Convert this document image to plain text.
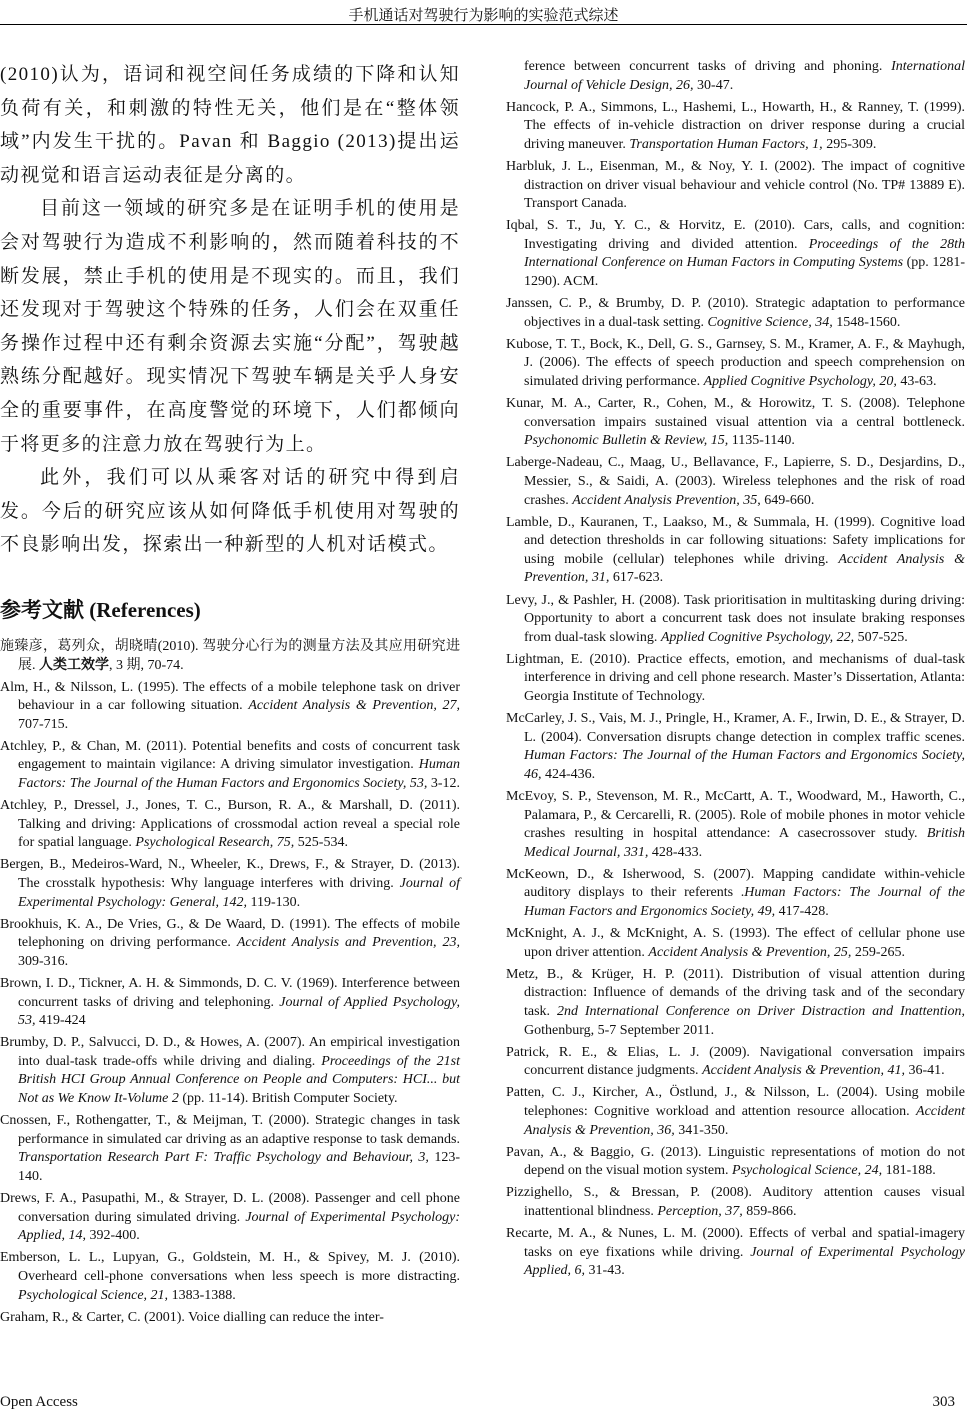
手机通话对驾驶行为影响的实验范式综述

(2010)认为，语词和视空间任务成绩的下降和认知负荷有关，和刺激的特性无关，他们是在“整体领域”内发生干扰的。Pavan 和 Baggio (2013)提出运动视觉和语言运动表征是分离的。

目前这一领域的研究多是在证明手机的使用是会对驾驶行为造成不利影响的，然而随着科技的不断发展，禁止手机的使用是不现实的。而且，我们还发现对于驾驶这个特殊的任务，人们会在双重任务操作过程中还有剩余资源去实施“分配”，驾驶越熟练分配越好。现实情况下驾驶车辆是关乎人身安全的重要事件，在高度警觉的环境下，人们都倾向于将更多的注意力放在驾驶行为上。

此外，我们可以从乘客对话的研究中得到启发。今后的研究应该从如何降低手机使用对驾驶的不良影响出发，探索出一种新型的人机对话模式。

参考文献 (References)

施臻彦，葛列众，胡晓晴(2010). 驾驶分心行为的测量方法及其应用研究进展. 人类工效学, 3 期, 70-74.

Alm, H., & Nilsson, L. (1995). The effects of a mobile telephone task on driver behaviour in a car following situation. Accident Analysis & Prevention, 27, 707-715.

Atchley, P., & Chan, M. (2011). Potential benefits and costs of concurrent task engagement to maintain vigilance: A driving simulator investigation. Human Factors: The Journal of the Human Factors and Ergonomics Society, 53, 3-12.

Atchley, P., Dressel, J., Jones, T. C., Burson, R. A., & Marshall, D. (2011). Talking and driving: Applications of crossmodal action reveal a special role for spatial language. Psychological Research, 75, 525-534.

Bergen, B., Medeiros-Ward, N., Wheeler, K., Drews, F., & Strayer, D. (2013). The crosstalk hypothesis: Why language interferes with driving. Journal of Experimental Psychology: General, 142, 119-130.

Brookhuis, K. A., De Vries, G., & De Waard, D. (1991). The effects of mobile telephoning on driving performance. Accident Analysis and Prevention, 23, 309-316.

Brown, I. D., Tickner, A. H. & Simmonds, D. C. V. (1969). Interference between concurrent tasks of driving and telephoning. Journal of Applied Psychology, 53, 419-424

Brumby, D. P., Salvucci, D. D., & Howes, A. (2007). An empirical investigation into dual-task trade-offs while driving and dialing. Proceedings of the 21st British HCI Group Annual Conference on People and Computers: HCI... but Not as We Know It-Volume 2 (pp. 11-14). British Computer Society.

Cnossen, F., Rothengatter, T., & Meijman, T. (2000). Strategic changes in task performance in simulated car driving as an adaptive response to task demands. Transportation Research Part F: Traffic Psychology and Behaviour, 3, 123-140.

Drews, F. A., Pasupathi, M., & Strayer, D. L. (2008). Passenger and cell phone conversation during simulated driving. Journal of Experimental Psychology: Applied, 14, 392-400.

Emberson, L. L., Lupyan, G., Goldstein, M. H., & Spivey, M. J. (2010). Overheard cell-phone conversations when less speech is more distracting. Psychological Science, 21, 1383-1388.

Graham, R., & Carter, C. (2001). Voice dialling can reduce the inter-

ference between concurrent tasks of driving and phoning. International Journal of Vehicle Design, 26, 30-47.

Hancock, P. A., Simmons, L., Hashemi, L., Howarth, H., & Ranney, T. (1999). The effects of in-vehicle distraction on driver response during a crucial driving maneuver. Transportation Human Factors, 1, 295-309.

Harbluk, J. L., Eisenman, M., & Noy, Y. I. (2002). The impact of cognitive distraction on driver visual behaviour and vehicle control (No. TP# 13889 E). Transport Canada.

Iqbal, S. T., Ju, Y. C., & Horvitz, E. (2010). Cars, calls, and cognition: Investigating driving and divided attention. Proceedings of the 28th International Conference on Human Factors in Computing Systems (pp. 1281-1290). ACM.

Janssen, C. P., & Brumby, D. P. (2010). Strategic adaptation to performance objectives in a dual-task setting. Cognitive Science, 34, 1548-1560.

Kubose, T. T., Bock, K., Dell, G. S., Garnsey, S. M., Kramer, A. F., & Mayhugh, J. (2006). The effects of speech production and speech comprehension on simulated driving performance. Applied Cognitive Psychology, 20, 43-63.

Kunar, M. A., Carter, R., Cohen, M., & Horowitz, T. S. (2008). Telephone conversation impairs sustained visual attention via a central bottleneck. Psychonomic Bulletin & Review, 15, 1135-1140.

Laberge-Nadeau, C., Maag, U., Bellavance, F., Lapierre, S. D., Desjardins, D., Messier, S., & Saidi, A. (2003). Wireless telephones and the risk of road crashes. Accident Analysis Prevention, 35, 649-660.

Lamble, D., Kauranen, T., Laakso, M., & Summala, H. (1999). Cognitive load and detection thresholds in car following situations: Safety implications for using mobile (cellular) telephones while driving. Accident Analysis & Prevention, 31, 617-623.

Levy, J., & Pashler, H. (2008). Task prioritisation in multitasking during driving: Opportunity to abort a concurrent task does not insulate braking responses from dual-task slowing. Applied Cognitive Psychology, 22, 507-525.

Lightman, E. (2010). Practice effects, emotion, and mechanisms of dual-task interference in driving and cell phone research. Master’s Dissertation, Atlanta: Georgia Institute of Technology.

McCarley, J. S., Vais, M. J., Pringle, H., Kramer, A. F., Irwin, D. E., & Strayer, D. L. (2004). Conversation disrupts change detection in complex traffic scenes. Human Factors: The Journal of the Human Factors and Ergonomics Society, 46, 424-436.

McEvoy, S. P., Stevenson, M. R., McCartt, A. T., Woodward, M., Haworth, C., Palamara, P., & Cercarelli, R. (2005). Role of mobile phones in motor vehicle crashes resulting in hospital attendance: A casecrossover study. British Medical Journal, 331, 428-433.

McKeown, D., & Isherwood, S. (2007). Mapping candidate within-vehicle auditory displays to their referents .Human Factors: The Journal of the Human Factors and Ergonomics Society, 49, 417-428.

McKnight, A. J., & McKnight, A. S. (1993). The effect of cellular phone use upon driver attention. Accident Analysis & Prevention, 25, 259-265.

Metz, B., & Krüger, H. P. (2011). Distribution of visual attention during distraction: Influence of demands of the driving task and of the secondary task. 2nd International Conference on Driver Distraction and Inattention, Gothenburg, 5-7 September 2011.

Patrick, R. E., & Elias, L. J. (2009). Navigational conversation impairs concurrent distance judgments. Accident Analysis & Prevention, 41, 36-41.

Patten, C. J., Kircher, A., Östlund, J., & Nilsson, L. (2004). Using mobile telephones: Cognitive workload and attention resource allocation. Accident Analysis & Prevention, 36, 341-350.

Pavan, A., & Baggio, G. (2013). Linguistic representations of motion do not depend on the visual motion system. Psychological Science, 24, 181-188.

Pizzighello, S., & Bressan, P. (2008). Auditory attention causes visual inattentional blindness. Perception, 37, 859-866.

Recarte, M. A., & Nunes, L. M. (2000). Effects of verbal and spatial-imagery tasks on eye fixations while driving. Journal of Experimental Psychology Applied, 6, 31-43.

Open Access	303
